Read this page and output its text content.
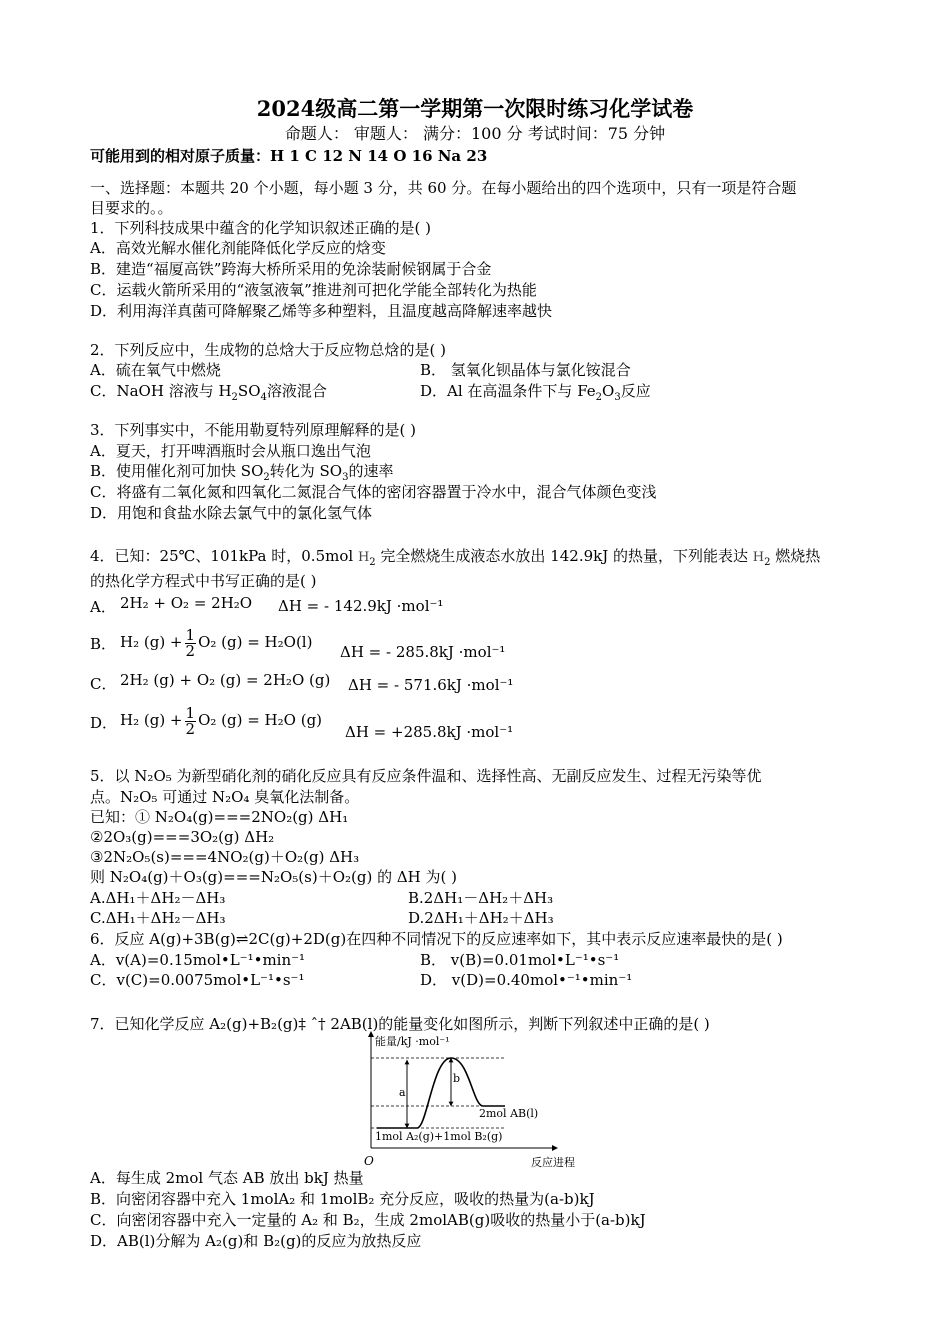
2024级高二第一学期第一次限时练习化学试卷
命题人： 审题人： 满分：100 分 考试时间：75 分钟
可能用到的相对原子质量：H 1 C 12 N 14 O 16 Na 23
一、选择题：本题共 20 个小题，每小题 3 分，共 60 分。在每小题给出的四个选项中，只有一项是符合题
目要求的。。
1．下列科技成果中蕴含的化学知识叙述正确的是( )
A．高效光解水催化剂能降低化学反应的焓变
B．建造“福厦高铁”跨海大桥所采用的免涂装耐候钢属于合金
C．运载火箭所采用的“液氢液氧”推进剂可把化学能全部转化为热能
D．利用海洋真菌可降解聚乙烯等多种塑料，且温度越高降解速率越快
2．下列反应中，生成物的总焓大于反应物总焓的是( )
A．硫在氧气中燃烧	B． 氢氧化钡晶体与氯化铵混合
C．NaOH 溶液与 $H_2SO_4$溶液混合	D．Al 在高温条件下与 $Fe_2O_3$反应
3．下列事实中，不能用勒夏特列原理解释的是( )
A．夏天，打开啤酒瓶时会从瓶口逸出气泡
B．使用催化剂可加快 $SO_2$转化为 $SO_3$的速率
C．将盛有二氧化氮和四氧化二氮混合气体的密闭容器置于冷水中，混合气体颜色变浅
D．用饱和食盐水除去氯气中的氯化氢气体
4．已知：25℃、101kPa 时，0.5mol $H_2$ 完全燃烧生成液态水放出 142.9kJ 的热量，下列能表达 $H_2$ 燃烧热
的热化学方程式中书写正确的是( )
A． 2H₂ + O₂ = 2H₂O ΔH = - 142.9kJ ·mol⁻¹
B． H₂ $(g) + \frac{1}{2} O_2$ (g) = H₂O(l)
ΔH = - 285.8kJ ·mol⁻¹
C． 2H₂ (g) + O₂ (g) = 2H₂O (g) ΔH = - 571.6kJ ·mol⁻¹
D． H₂ $(g) + \frac{1}{2} O_2$ (g) = H₂O (g)
ΔH = +285.8kJ ·mol⁻¹
5．以 N₂O₅ 为新型硝化剂的硝化反应具有反应条件温和、选择性高、无副反应发生、过程无污染等优
点。N₂O₅ 可通过 N₂O₄ 臭氧化法制备。
已知：① N₂O₄(g)===2NO₂(g) ΔH₁
②2O₃(g)===3O₂(g) ΔH₂
③2N₂O₅(s)===4NO₂(g)＋O₂(g) ΔH₃
则 N₂O₄(g)＋O₃(g)===N₂O₅(s)＋O₂(g) 的 ΔH 为( )
A.ΔH₁＋ΔH₂－ΔH₃	B.2ΔH₁－ΔH₂＋ΔH₃
C.ΔH₁＋ΔH₂－ΔH₃	D.2ΔH₁＋ΔH₂＋ΔH₃
6．反应 A(g)+3B(g)⇌2C(g)+2D(g)在四种不同情况下的反应速率如下，其中表示反应速率最快的是( )
A．v(A)=0.15mol•L⁻¹•min⁻¹	B． v(B)=0.01mol•L⁻¹•s⁻¹
C．v(C)=0.0075mol•L⁻¹•s⁻¹	D． v(D)=0.40mol•⁻¹•min⁻¹
7．已知化学反应 A₂(g)+B₂(g)‡ ˆ† 2AB(l)的能量变化如图所示，判断下列叙述中正确的是( )
能量/kJ ·mol⁻¹
反应进程
O
a
b
2mol AB(l)
1mol A₂(g)+1mol B₂(g)
A．每生成 2mol 气态 AB 放出 bkJ 热量
B．向密闭容器中充入 1molA₂ 和 1molB₂ 充分反应，吸收的热量为(a-b)kJ
C．向密闭容器中充入一定量的 A₂ 和 B₂，生成 2molAB(g)吸收的热量小于(a-b)kJ
D．AB(l)分解为 A₂(g)和 B₂(g)的反应为放热反应
